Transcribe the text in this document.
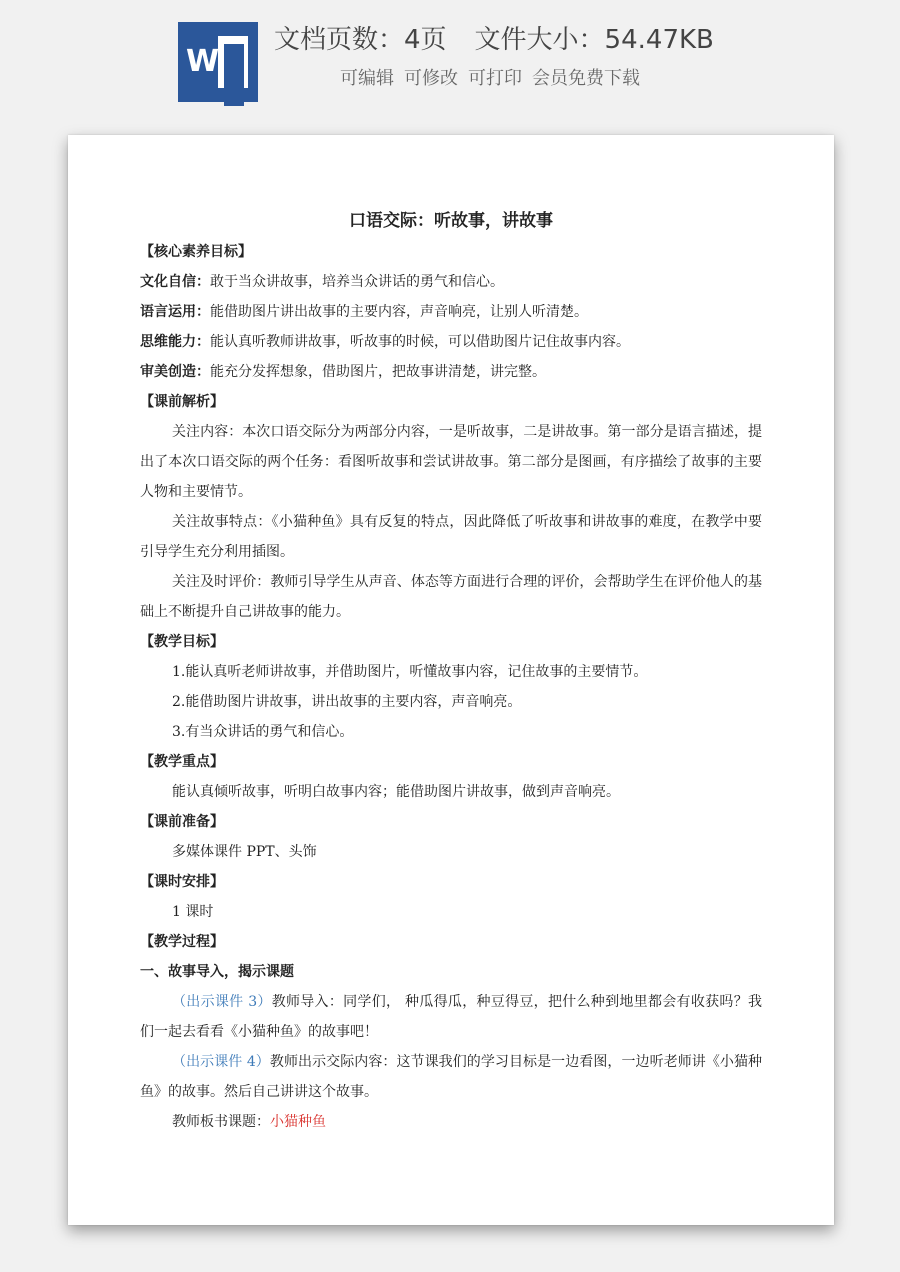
W
文档页数：4页 文件大小：54.47KB
可编辑 可修改 可打印 会员免费下载
口语交际：听故事，讲故事
【核心素养目标】
文化自信：敢于当众讲故事，培养当众讲话的勇气和信心。
语言运用：能借助图片讲出故事的主要内容，声音响亮，让别人听清楚。
思维能力：能认真听教师讲故事，听故事的时候，可以借助图片记住故事内容。
审美创造：能充分发挥想象，借助图片，把故事讲清楚，讲完整。
【课前解析】
关注内容：本次口语交际分为两部分内容，一是听故事，二是讲故事。第一部分是语言描述，提出了本次口语交际的两个任务：看图听故事和尝试讲故事。第二部分是图画，有序描绘了故事的主要人物和主要情节。
关注故事特点：《小猫种鱼》具有反复的特点，因此降低了听故事和讲故事的难度，在教学中要引导学生充分利用插图。
关注及时评价：教师引导学生从声音、体态等方面进行合理的评价，会帮助学生在评价他人的基础上不断提升自己讲故事的能力。
【教学目标】
1.能认真听老师讲故事，并借助图片，听懂故事内容，记住故事的主要情节。
2.能借助图片讲故事，讲出故事的主要内容，声音响亮。
3.有当众讲话的勇气和信心。
【教学重点】
能认真倾听故事，听明白故事内容；能借助图片讲故事，做到声音响亮。
【课前准备】
多媒体课件 PPT、头饰
【课时安排】
1 课时
【教学过程】
一、故事导入，揭示课题
（出示课件 3）教师导入：同学们， 种瓜得瓜，种豆得豆，把什么种到地里都会有收获吗？我们一起去看看《小猫种鱼》的故事吧！
（出示课件 4）教师出示交际内容：这节课我们的学习目标是一边看图，一边听老师讲《小猫种鱼》的故事。然后自己讲讲这个故事。
教师板书课题：小猫种鱼
